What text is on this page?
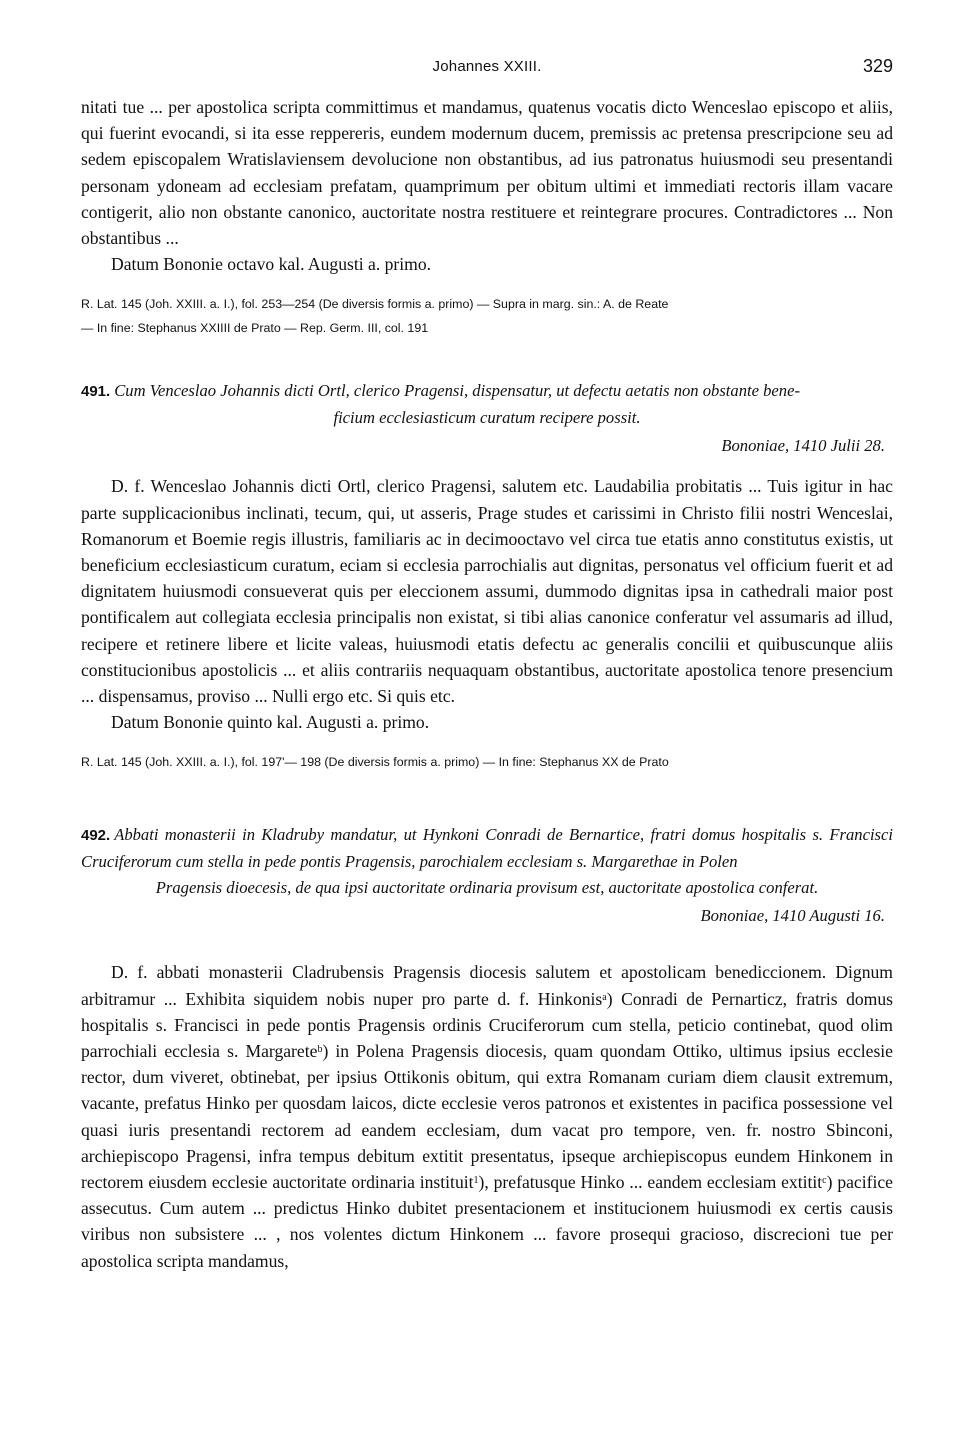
Johannes XXIII.	329

nitati tue ... per apostolica scripta committimus et mandamus, quatenus vocatis dicto Wenceslao episcopo et aliis, qui fuerint evocandi, si ita esse reppereris, eundem modernum ducem, premissis ac pretensa prescripcione seu ad sedem episcopalem Wratislaviensem devolucione non obstantibus, ad ius patronatus huiusmodi seu presentandi personam ydoneam ad ecclesiam prefatam, quamprimum per obitum ultimi et immediati rectoris illam vacare contigerit, alio non obstante canonico, auctoritate nostra restituere et reintegrare procures. Contradictores ... Non obstantibus ...

Datum Bononie octavo kal. Augusti a. primo.

R. Lat. 145 (Joh. XXIII. a. I.), fol. 253—254 (De diversis formis a. primo) — Supra in marg. sin.: A. de Reate
— In fine: Stephanus XXIIII de Prato — Rep. Germ. III, col. 191

491. Cum Venceslao Johannis dicti Ortl, clerico Pragensi, dispensatur, ut defectu aetatis non obstante bene-
ficium ecclesiasticum curatum recipere possit.

Bononiae, 1410 Julii 28.

D. f. Wenceslao Johannis dicti Ortl, clerico Pragensi, salutem etc. Laudabilia probitatis ... Tuis igitur in hac parte supplicacionibus inclinati, tecum, qui, ut asseris, Prage studes et carissimi in Christo filii nostri Wenceslai, Romanorum et Boemie regis illustris, familiaris ac in decimooctavo vel circa tue etatis anno constitutus existis, ut beneficium ecclesiasticum curatum, eciam si ecclesia parrochialis aut dignitas, personatus vel officium fuerit et ad dignitatem huiusmodi consueverat quis per eleccionem assumi, dummodo dignitas ipsa in cathedrali maior post pontificalem aut collegiata ecclesia principalis non existat, si tibi alias canonice conferatur vel assumaris ad illud, recipere et retinere libere et licite valeas, huiusmodi etatis defectu ac generalis concilii et quibuscunque aliis constitucionibus apostolicis ... et aliis contrariis nequaquam obstantibus, auctoritate apostolica tenore presencium ... dispensamus, proviso ... Nulli ergo etc. Si quis etc.

Datum Bononie quinto kal. Augusti a. primo.

R. Lat. 145 (Joh. XXIII. a. I.), fol. 197'— 198 (De diversis formis a. primo) — In fine: Stephanus XX de Prato

492. Abbati monasterii in Kladruby mandatur, ut Hynkoni Conradi de Bernartice, fratri domus hospitalis s. Francisci Cruciferorum cum stella in pede pontis Pragensis, parochialem ecclesiam s. Margarethae in Polen
Pragensis dioecesis, de qua ipsi auctoritate ordinaria provisum est, auctoritate apostolica conferat.

Bononiae, 1410 Augusti 16.

D. f. abbati monasterii Cladrubensis Pragensis diocesis salutem et apostolicam benediccionem. Dignum arbitramur ... Exhibita siquidem nobis nuper pro parte d. f. Hinkonis$^a$) Conradi de Pernarticz, fratris domus hospitalis s. Francisci in pede pontis Pragensis ordinis Cruciferorum cum stella, peticio continebat, quod olim parrochiali ecclesia s. Margarete$^b$) in Polena Pragensis diocesis, quam quondam Ottiko, ultimus ipsius ecclesie rector, dum viveret, obtinebat, per ipsius Ottikonis obitum, qui extra Romanam curiam diem clausit extremum, vacante, prefatus Hinko per quosdam laicos, dicte ecclesie veros patronos et existentes in pacifica possessione vel quasi iuris presentandi rectorem ad eandem ecclesiam, dum vacat pro tempore, ven. fr. nostro Sbinconi, archiepiscopo Pragensi, infra tempus debitum extitit presentatus, ipseque archiepiscopus eundem Hinkonem in rectorem eiusdem ecclesie auctoritate ordinaria instituit$^1$), prefatusque Hinko ... eandem ecclesiam extitit$^c$) pacifice assecutus. Cum autem ... predictus Hinko dubitet presentacionem et institucionem huiusmodi ex certis causis viribus non subsistere ... , nos volentes dictum Hinkonem ... favore prosequi gracioso, discrecioni tue per apostolica scripta mandamus,
